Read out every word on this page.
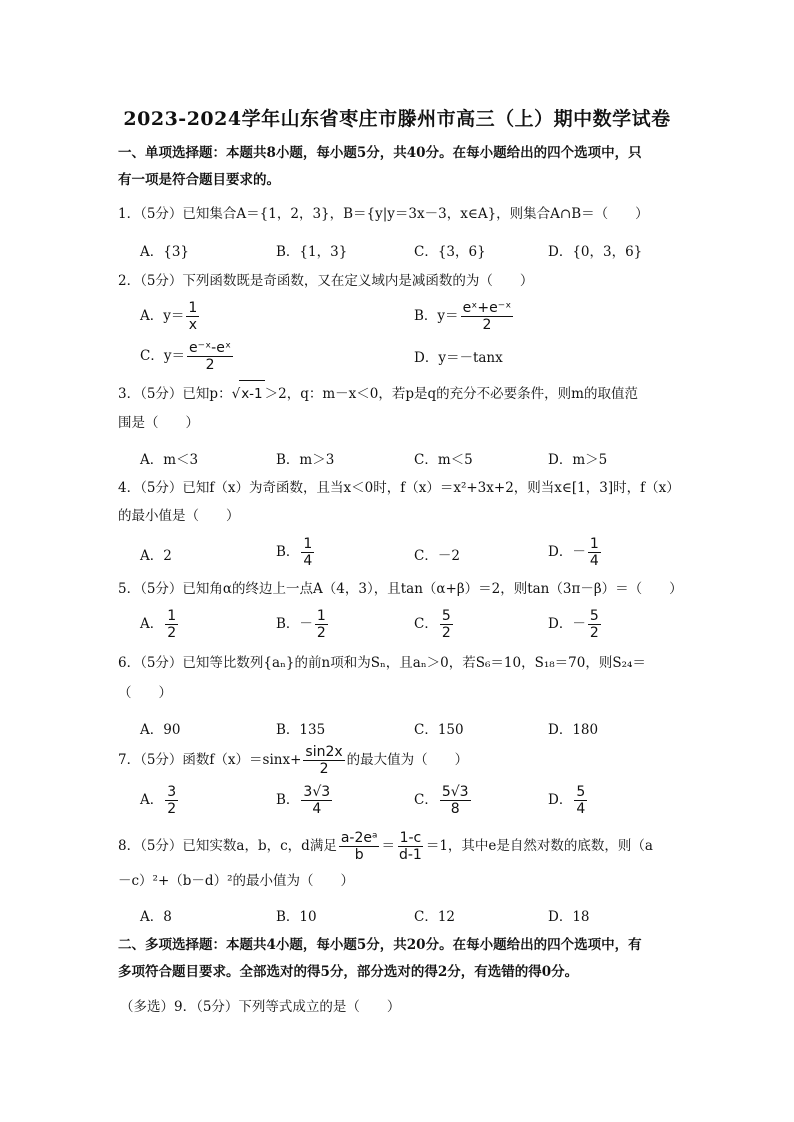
2023-2024学年山东省枣庄市滕州市高三（上）期中数学试卷
一、单项选择题：本题共8小题，每小题5分，共40分。在每小题给出的四个选项中，只
有一项是符合题目要求的。
1．（5分）已知集合A＝{1，2，3}，B＝{y|y＝3x－3，x∈A}，则集合A∩B＝（　　）
A．{3}	B．{1，3}	C．{3，6}	D．{0，3，6}
2．（5分）下列函数既是奇函数，又在定义域内是减函数的为（　　）
A．$y= \frac{1}{x}$	B．$y= \frac{\text{eˣ+e⁻ˣ}}{2}$
C．$y= \frac{\text{e⁻ˣ-eˣ}}{2}$	D．y＝－tanx
3．（5分）已知p：√x-1 ＞2，q：m－x＜0，若p是q的充分不必要条件，则m的取值范
围是（　　）
A．m＜3	B．m＞3	C．m＜5	D．m＞5
4．（5分）已知f（x）为奇函数，且当x＜0时，f（x）＝x²+3x+2，则当x∈[1，3]时，f（x）
的最小值是（　　）
A．2	B． $\frac{1}{4}$	C．－2	D．－ $\frac{1}{4}$
5．（5分）已知角α的终边上一点A（4，3），且tan（α+β）＝2，则tan（3π－β）＝（　　）
A． $\frac{1}{2}$	B．－ $\frac{1}{2}$	C． $\frac{5}{2}$	D．－ $\frac{5}{2}$
6．（5分）已知等比数列{aₙ}的前n项和为Sₙ，且aₙ＞0，若S₆＝10，S₁₈＝70，则S₂₄＝
（　　）
A．90	B．135	C．150	D．180
7．（5分）函数$f(x)=\sin x+ \frac{\sin 2x}{2}$ 的最大值为（　　）
A． $\frac{3}{2}$	B． $\frac{3√3}{4}$	C． $\frac{5√3}{8}$	D． $\frac{5}{4}$
8．（5分）已知实数a，b，c，d满足 $\frac{\text{a-2eᵃ}}{b} = \frac{1-c}{d-1} =1$，其中e是自然对数的底数，则（a
－c）²+（b－d）²的最小值为（　　）
A．8	B．10	C．12	D．18
二、多项选择题：本题共4小题，每小题5分，共20分。在每小题给出的四个选项中，有
多项符合题目要求。全部选对的得5分，部分选对的得2分，有选错的得0分。
（多选）9．（5分）下列等式成立的是（　　）
